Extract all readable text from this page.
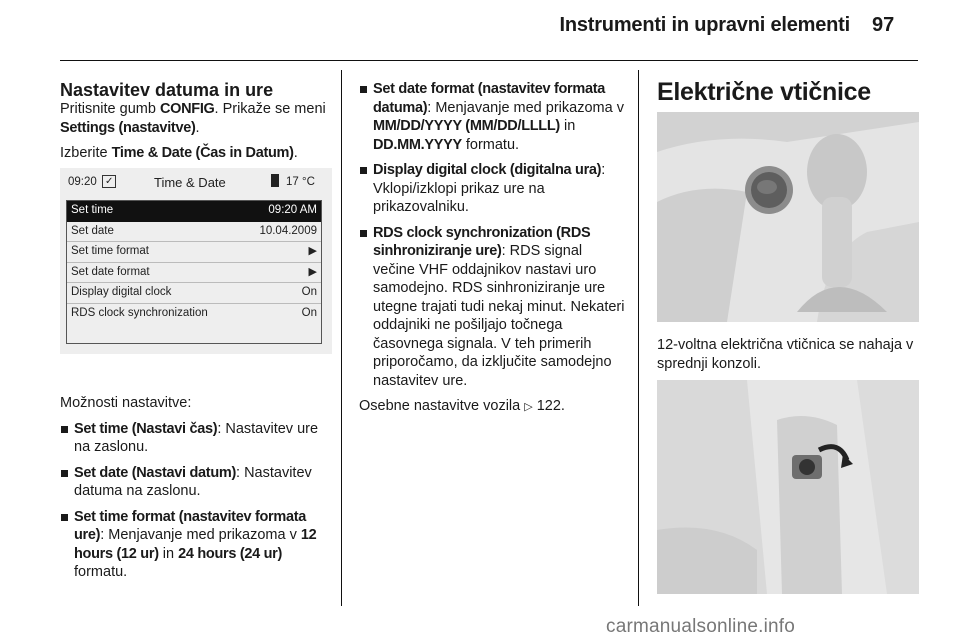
Instrumenti in upravni elementi 97
Nastavitev datuma in ure

Pritisnite gumb CONFIG. Prikaže se meni Settings (nastavitve).

Izberite Time & Date (Čas in Datum).

09:20 ✓	Time & Date	17 °C
Set time	09:20 AM
Set date	10.04.2009
Set time format	▶
Set date format	▶
Display digital clock	On
RDS clock synchronization	On

Možnosti nastavitve:

Set time (Nastavi čas): Nastavitev ure na zaslonu.
Set date (Nastavi datum): Nastavitev datuma na zaslonu.
Set time format (nastavitev formata ure): Menjavanje med prikazoma v 12 hours (12 ur) in 24 hours (24 ur) formatu.
Set date format (nastavitev formata datuma): Menjavanje med prikazoma v MM/DD/YYYY (MM/DD/LLLL) in DD.MM.YYYY formatu.
Display digital clock (digitalna ura): Vklopi/izklopi prikaz ure na prikazovalniku.
RDS clock synchronization (RDS sinhroniziranje ure): RDS signal večine VHF oddajnikov nastavi uro samodejno. RDS sinhroniziranje ure utegne trajati tudi nekaj minut. Nekateri oddajniki ne pošiljajo točnega časovnega signala. V teh primerih priporočamo, da izključite samodejno nastavitev ure.

Osebne nastavitve vozila ▷ 122.

Električne vtičnice

12-voltna električna vtičnica se nahaja v sprednji konzoli.

carmanualsonline.info
